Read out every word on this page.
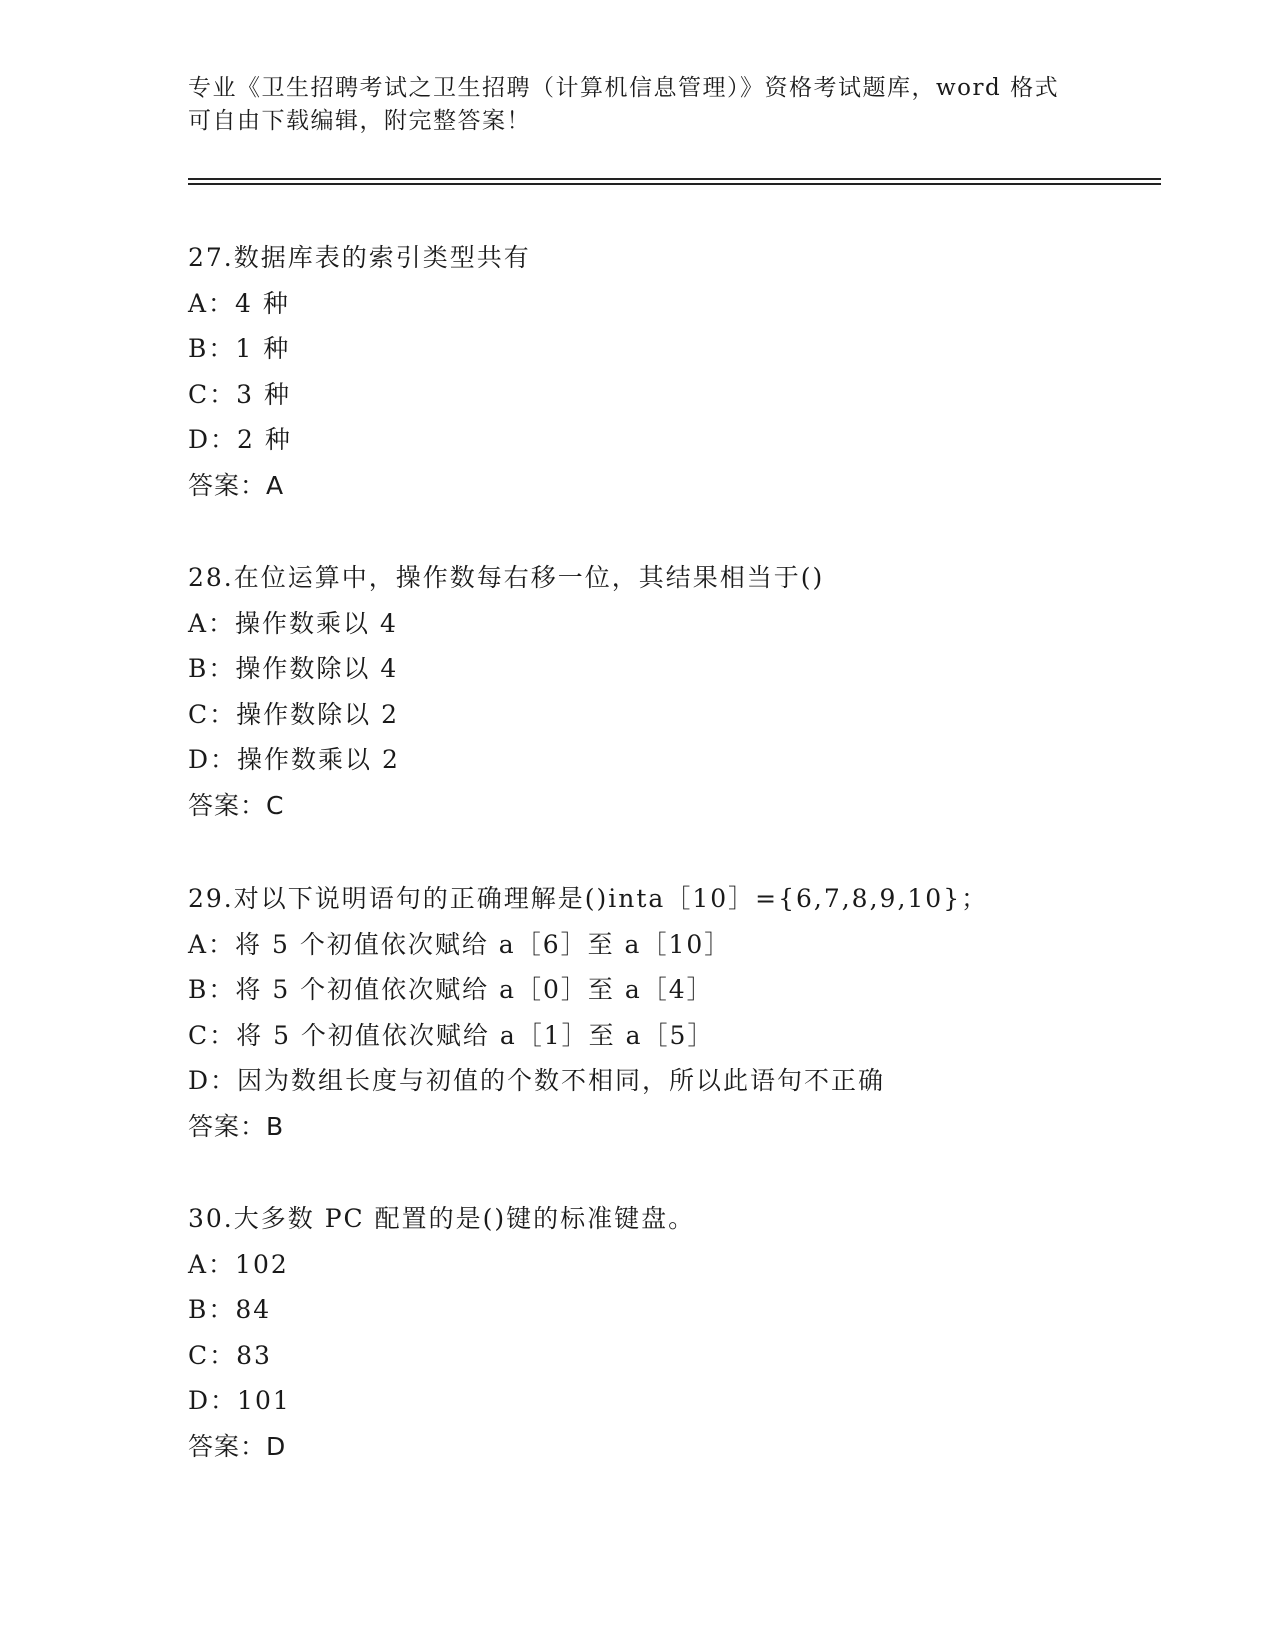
专业《卫生招聘考试之卫生招聘（计算机信息管理）》资格考试题库，word 格式
可自由下载编辑，附完整答案！
27.数据库表的索引类型共有
A：4 种
B：1 种
C：3 种
D：2 种
答案：A
28.在位运算中，操作数每右移一位，其结果相当于()
A：操作数乘以 4
B：操作数除以 4
C：操作数除以 2
D：操作数乘以 2
答案：C
29.对以下说明语句的正确理解是()inta［10］={6,7,8,9,10}；
A：将 5 个初值依次赋给 a［6］至 a［10］
B：将 5 个初值依次赋给 a［0］至 a［4］
C：将 5 个初值依次赋给 a［1］至 a［5］
D：因为数组长度与初值的个数不相同，所以此语句不正确
答案：B
30.大多数 PC 配置的是()键的标准键盘。
A：102
B：84
C：83
D：101
答案：D
